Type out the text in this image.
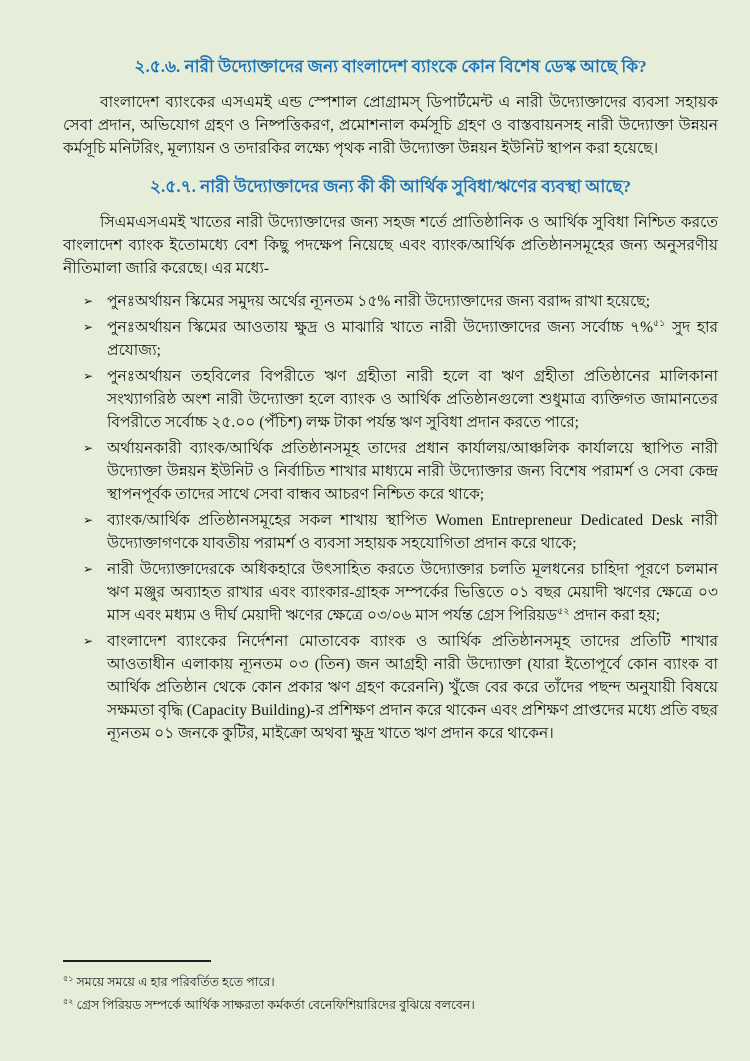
২.৫.৬. নারী উদ্যোক্তাদের জন্য বাংলাদেশ ব্যাংকে কোন বিশেষ ডেস্ক আছে কি?

বাংলাদেশ ব্যাংকের এসএমই এন্ড স্পেশাল প্রোগ্রামস্ ডিপার্টমেন্ট এ নারী উদ্যোক্তাদের ব্যবসা সহায়ক সেবা প্রদান, অভিযোগ গ্রহণ ও নিষ্পত্তিকরণ, প্রমোশনাল কর্মসূচি গ্রহণ ও বাস্তবায়নসহ নারী উদ্যোক্তা উন্নয়ন কর্মসূচি মনিটরিং, মূল্যায়ন ও তদারকির লক্ষ্যে পৃথক নারী উদ্যোক্তা উন্নয়ন ইউনিট স্থাপন করা হয়েছে।

২.৫.৭. নারী উদ্যোক্তাদের জন্য কী কী আর্থিক সুবিধা/ঋণের ব্যবস্থা আছে?

সিএমএসএমই খাতের নারী উদ্যোক্তাদের জন্য সহজ শর্তে প্রাতিষ্ঠানিক ও আর্থিক সুবিধা নিশ্চিত করতে বাংলাদেশ ব্যাংক ইতোমধ্যে বেশ কিছু পদক্ষেপ নিয়েছে এবং ব্যাংক/আর্থিক প্রতিষ্ঠানসমূহের জন্য অনুসরণীয় নীতিমালা জারি করেছে। এর মধ্যে-

➢ পুনঃঅর্থায়ন স্কিমের সমুদয় অর্থের ন্যূনতম ১৫% নারী উদ্যোক্তাদের জন্য বরাদ্দ রাখা হয়েছে;
➢ পুনঃঅর্থায়ন স্কিমের আওতায় ক্ষুদ্র ও মাঝারি খাতে নারী উদ্যোক্তাদের জন্য সর্বোচ্চ ৭%$^{৫১}$ সুদ হার প্রযোজ্য;
➢ পুনঃঅর্থায়ন তহবিলের বিপরীতে ঋণ গ্রহীতা নারী হলে বা ঋণ গ্রহীতা প্রতিষ্ঠানের মালিকানা সংখ্যাগরিষ্ঠ অংশ নারী উদ্যোক্তা হলে ব্যাংক ও আর্থিক প্রতিষ্ঠানগুলো শুধুমাত্র ব্যক্তিগত জামানতের বিপরীতে সর্বোচ্চ ২৫.০০ (পঁচিশ) লক্ষ টাকা পর্যন্ত ঋণ সুবিধা প্রদান করতে পারে;
➢ অর্থায়নকারী ব্যাংক/আর্থিক প্রতিষ্ঠানসমূহ তাদের প্রধান কার্যালয়/আঞ্চলিক কার্যালয়ে স্থাপিত নারী উদ্যোক্তা উন্নয়ন ইউনিট ও নির্বাচিত শাখার মাধ্যমে নারী উদ্যোক্তার জন্য বিশেষ পরামর্শ ও সেবা কেন্দ্র স্থাপনপূর্বক তাদের সাথে সেবা বান্ধব আচরণ নিশ্চিত করে থাকে;
➢ ব্যাংক/আর্থিক প্রতিষ্ঠানসমূহের সকল শাখায় স্থাপিত Women Entrepreneur Dedicated Desk নারী উদ্যোক্তাগণকে যাবতীয় পরামর্শ ও ব্যবসা সহায়ক সহযোগিতা প্রদান করে থাকে;
➢ নারী উদ্যোক্তাদেরকে অধিকহারে উৎসাহিত করতে উদ্যোক্তার চলতি মূলধনের চাহিদা পূরণে চলমান ঋণ মঞ্জুর অব্যাহত রাখার এবং ব্যাংকার-গ্রাহক সম্পর্কের ভিত্তিতে ০১ বছর মেয়াদী ঋণের ক্ষেত্রে ০৩ মাস এবং মধ্যম ও দীর্ঘ মেয়াদী ঋণের ক্ষেত্রে ০৩/০৬ মাস পর্যন্ত গ্রেস পিরিয়ড$^{৫২}$ প্রদান করা হয়;
➢ বাংলাদেশ ব্যাংকের নির্দেশনা মোতাবেক ব্যাংক ও আর্থিক প্রতিষ্ঠানসমূহ তাদের প্রতিটি শাখার আওতাধীন এলাকায় ন্যূনতম ০৩ (তিন) জন আগ্রহী নারী উদ্যোক্তা (যারা ইতোপূর্বে কোন ব্যাংক বা আর্থিক প্রতিষ্ঠান থেকে কোন প্রকার ঋণ গ্রহণ করেননি) খুঁজে বের করে তাঁদের পছন্দ অনুযায়ী বিষয়ে সক্ষমতা বৃদ্ধি (Capacity Building)-র প্রশিক্ষণ প্রদান করে থাকেন এবং প্রশিক্ষণ প্রাপ্তদের মধ্যে প্রতি বছর ন্যূনতম ০১ জনকে কুটির, মাইক্রো অথবা ক্ষুদ্র খাতে ঋণ প্রদান করে থাকেন।

$^{৫১}$ সময়ে সময়ে এ হার পরিবর্তিত হতে পারে।

$^{৫২}$ গ্রেস পিরিয়ড সম্পর্কে আর্থিক সাক্ষরতা কর্মকর্তা বেনেফিশিয়ারিদের বুঝিয়ে বলবেন।
